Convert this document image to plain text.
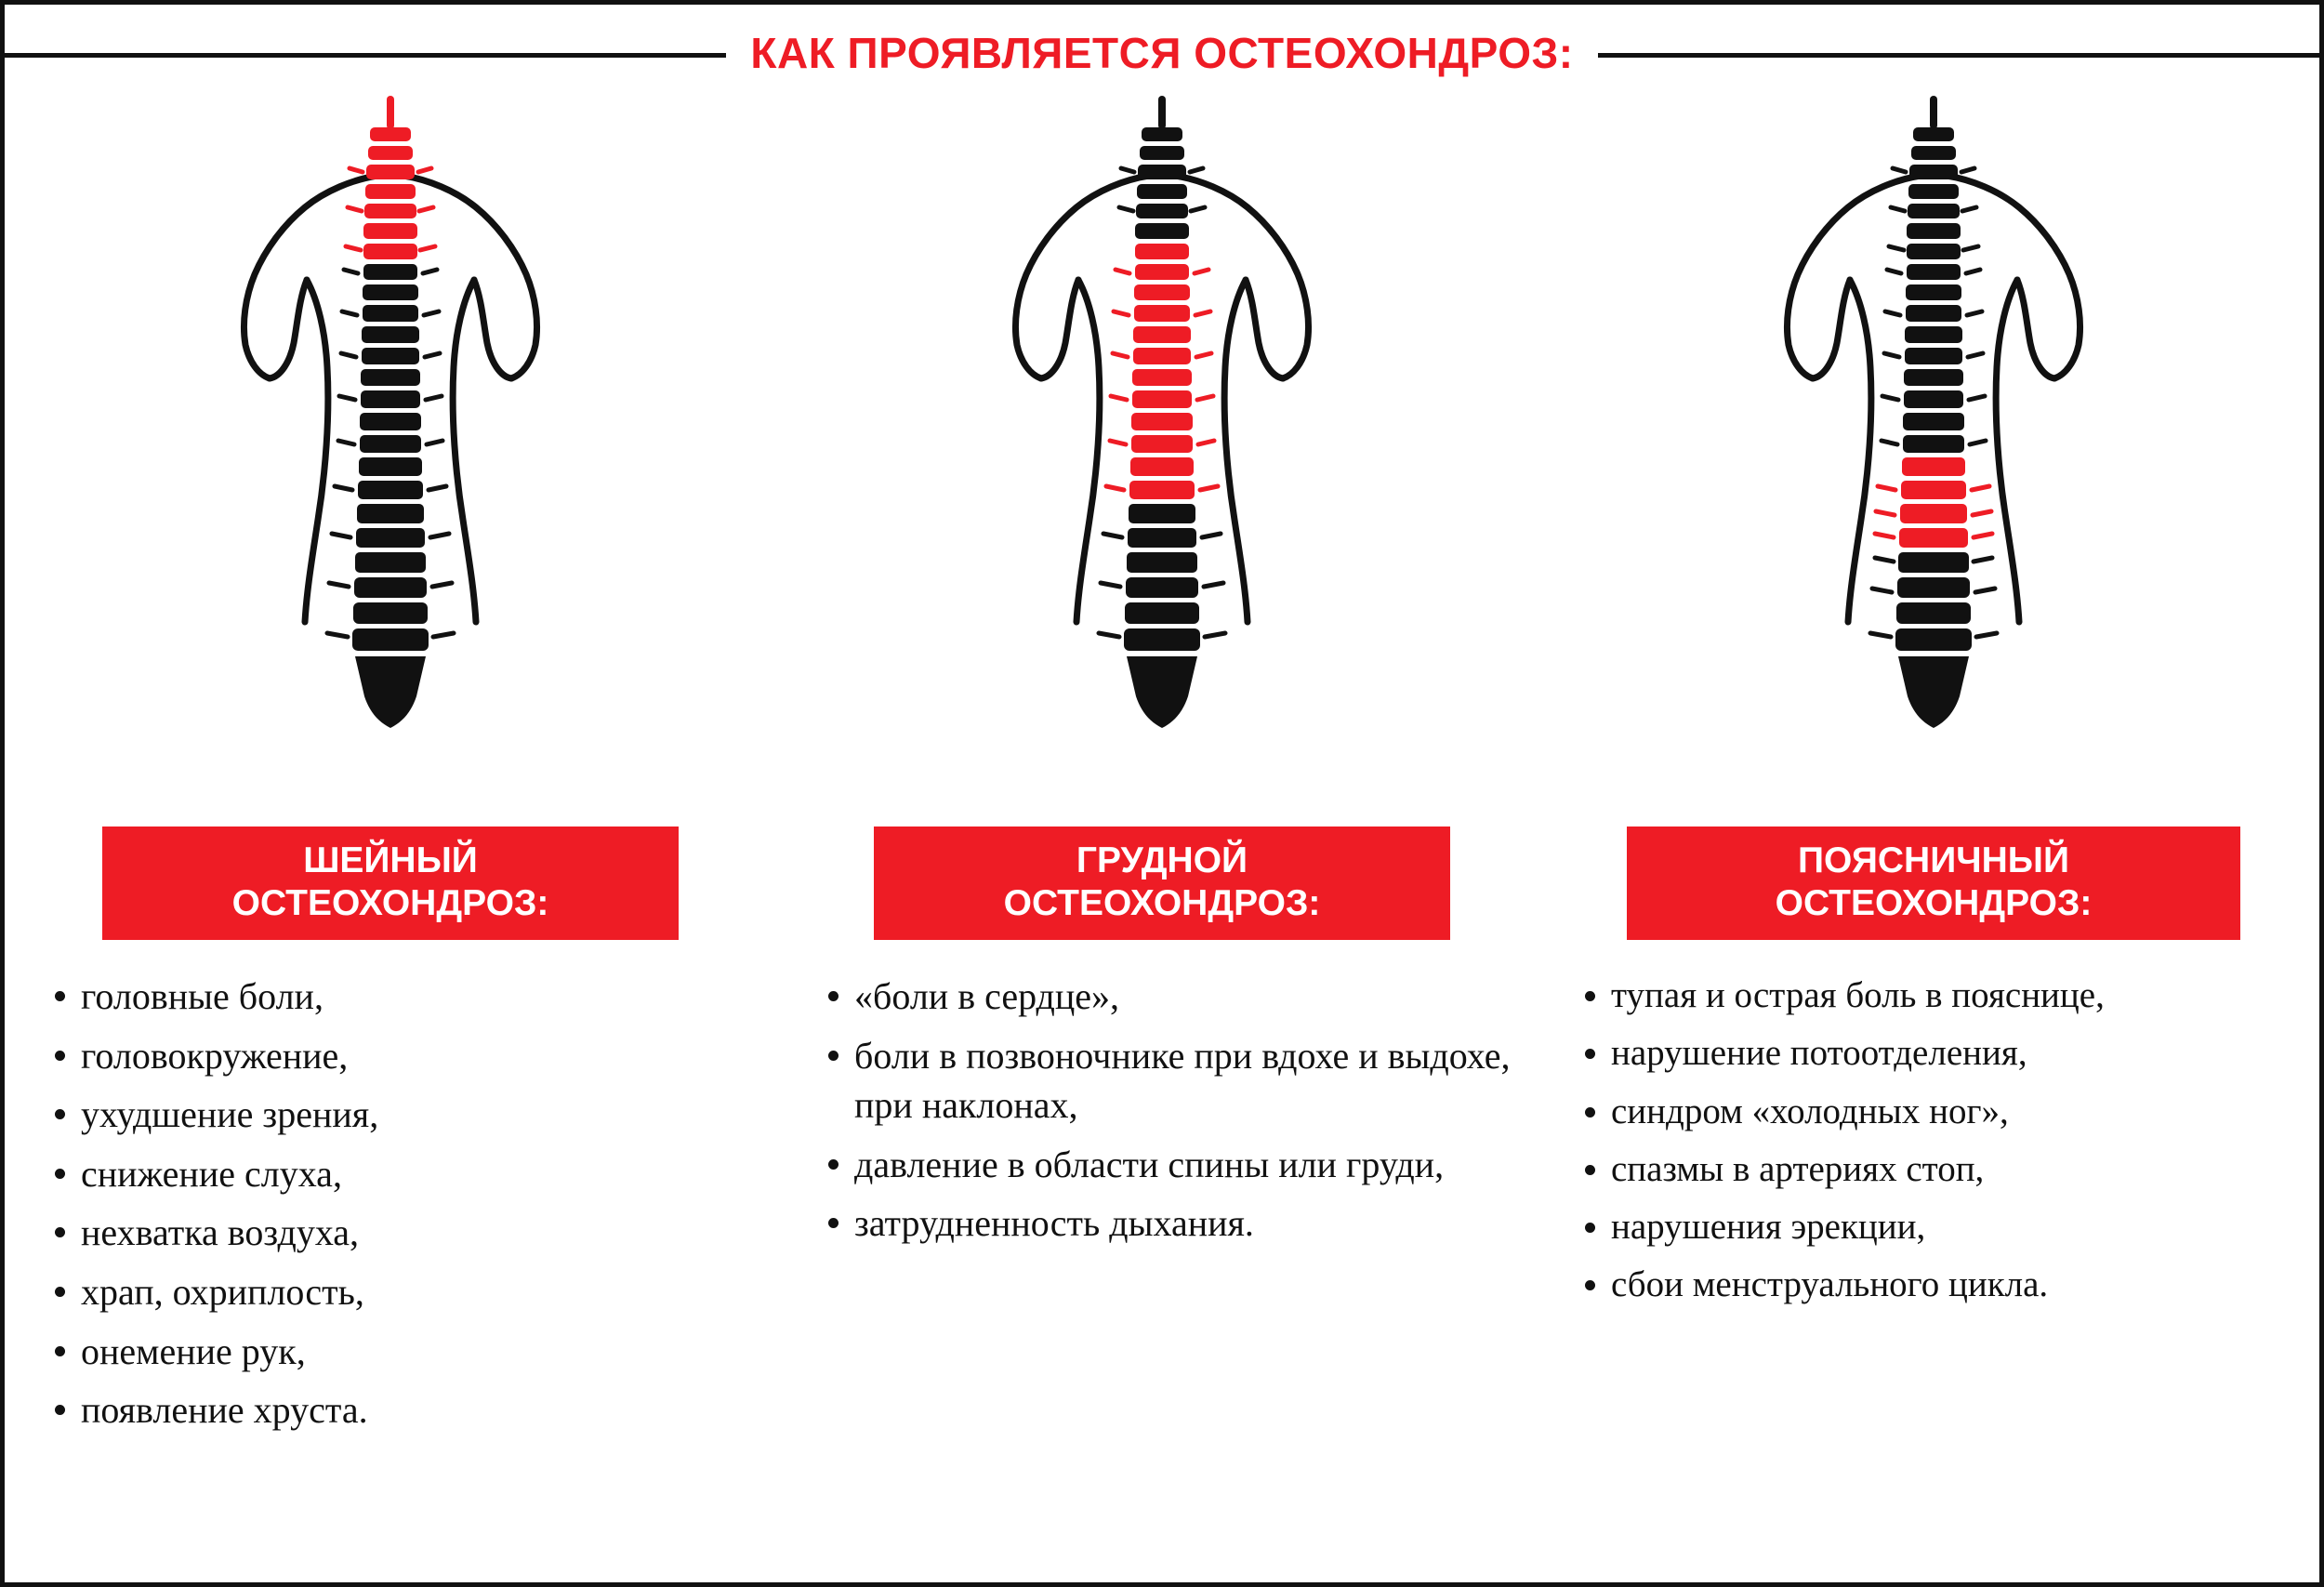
КАК ПРОЯВЛЯЕТСЯ ОСТЕОХОНДРОЗ:
ШЕЙНЫЙ
ОСТЕОХОНДРОЗ:
головные боли,
головокружение,
ухудшение зрения,
снижение слуха,
нехватка воздуха,
храп, охриплость,
онемение рук,
появление хруста.
ГРУДНОЙ
ОСТЕОХОНДРОЗ:
«боли в сердце»,
боли в позвоночнике при вдохе и выдохе, при наклонах,
давление в области спины или груди,
затрудненность дыхания.
ПОЯСНИЧНЫЙ
ОСТЕОХОНДРОЗ:
тупая и острая боль в пояснице,
нарушение потоотделения,
синдром «холодных ног»,
спазмы в артериях стоп,
нарушения эрекции,
сбои менструального цикла.
